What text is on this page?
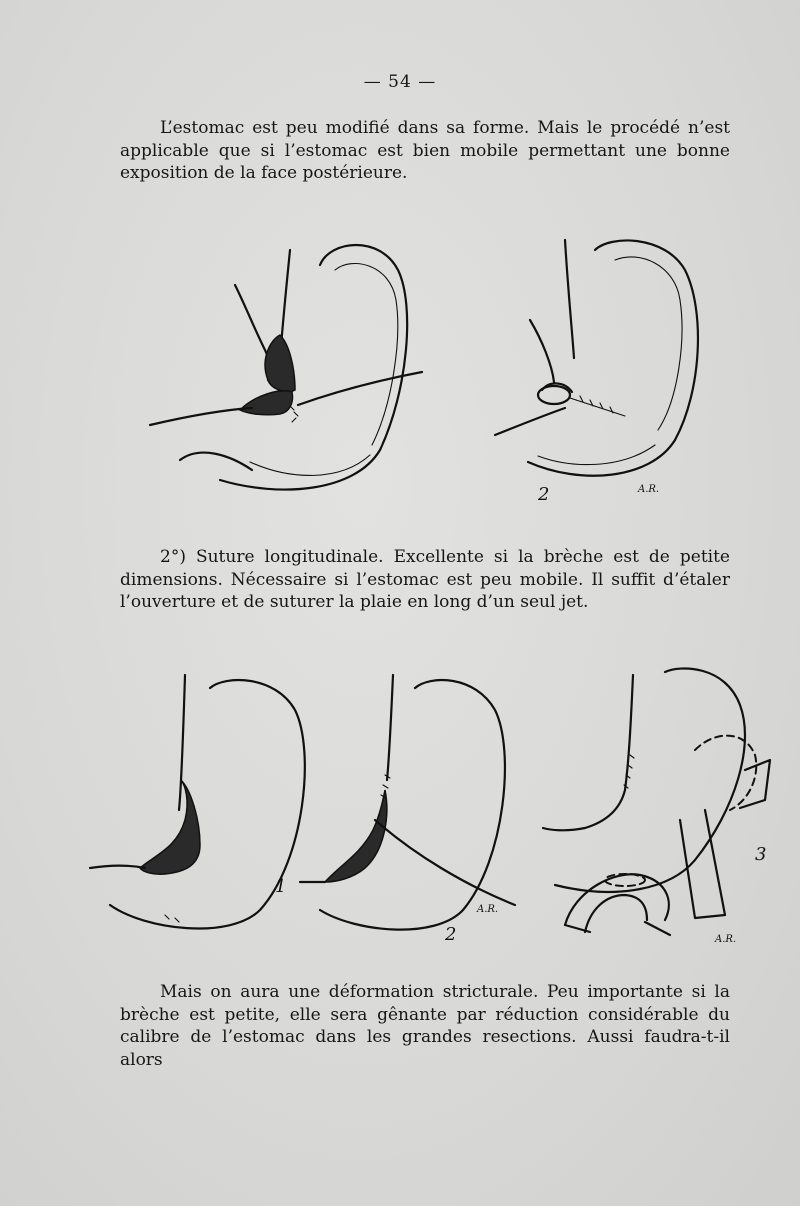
— 54 —
L’estomac est peu modifié dans sa forme. Mais le procédé n’est
applicable que si l’estomac est bien mobile permettant une bonne
exposition de la face postérieure.
2	A.R.
2°) Suture longitudinale. Excellente si la brèche est de petite
dimensions. Nécessaire si l’estomac est peu mobile. Il suffit d’étaler
l’ouverture et de suturer la plaie en long d’un seul jet.
1
2
A.R.
3
A.R.
Mais on aura une déformation stricturale. Peu importante si la
brèche est petite, elle sera gênante par réduction considérable du
calibre de l’estomac dans les grandes resections. Aussi faudra-t-il alors
